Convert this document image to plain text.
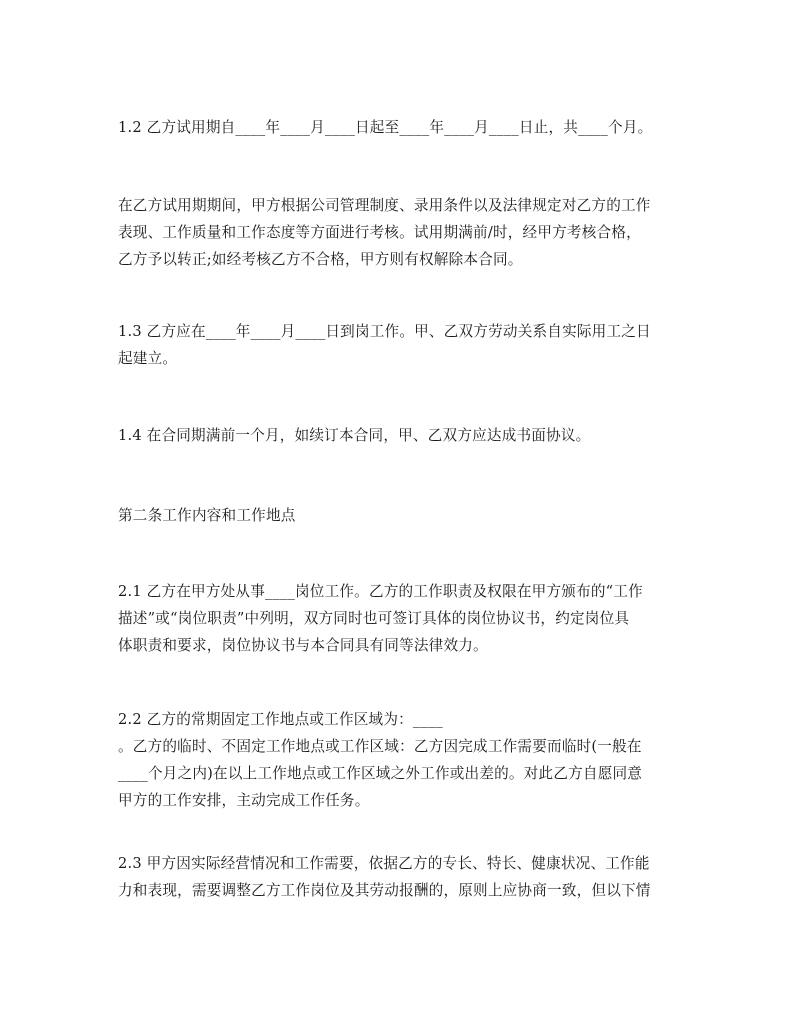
1.2 乙方试用期自____年____月____日起至____年____月____日止，共____个月。

在乙方试用期期间，甲方根据公司管理制度、录用条件以及法律规定对乙方的工作
表现、工作质量和工作态度等方面进行考核。试用期满前/时，经甲方考核合格，
乙方予以转正;如经考核乙方不合格，甲方则有权解除本合同。

1.3 乙方应在____年____月____日到岗工作。甲、乙双方劳动关系自实际用工之日
起建立。

1.4 在合同期满前一个月，如续订本合同，甲、乙双方应达成书面协议。

第二条工作内容和工作地点

2.1 乙方在甲方处从事____岗位工作。乙方的工作职责及权限在甲方颁布的“工作
描述”或“岗位职责”中列明，双方同时也可签订具体的岗位协议书，约定岗位具
体职责和要求，岗位协议书与本合同具有同等法律效力。

2.2 乙方的常期固定工作地点或工作区域为：____
。乙方的临时、不固定工作地点或工作区域：乙方因完成工作需要而临时(一般在
____个月之内)在以上工作地点或工作区域之外工作或出差的。对此乙方自愿同意
甲方的工作安排，主动完成工作任务。

2.3 甲方因实际经营情况和工作需要，依据乙方的专长、特长、健康状况、工作能
力和表现，需要调整乙方工作岗位及其劳动报酬的，原则上应协商一致，但以下情
